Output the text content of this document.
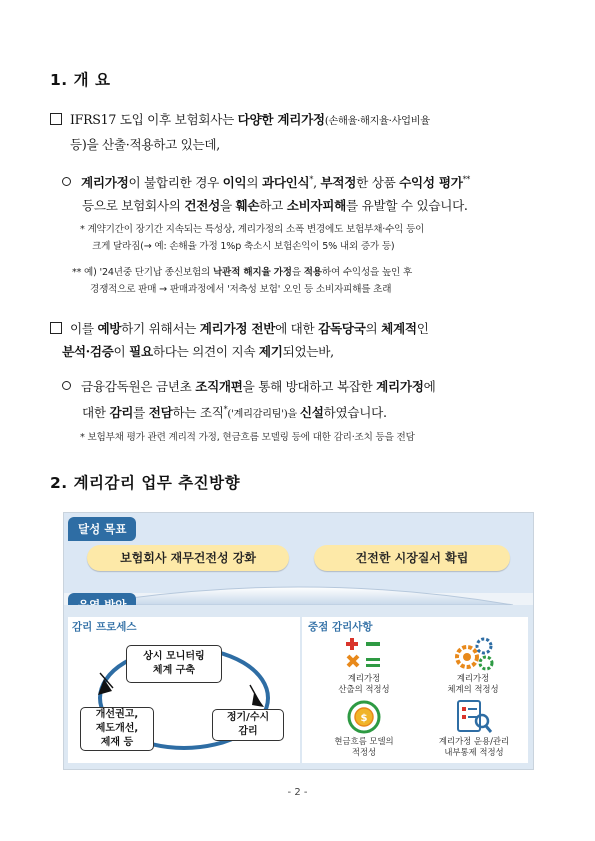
1. 개 요
IFRS17 도입 이후 보험회사는 다양한 계리가정(손해율·해지율·사업비율
등)을 산출·적용하고 있는데,
계리가정이 불합리한 경우 이익의 과다인식*, 부적정한 상품 수익성 평가**
등으로 보험회사의 건전성을 훼손하고 소비자피해를 유발할 수 있습니다.
* 계약기간이 장기간 지속되는 특성상, 계리가정의 소폭 변경에도 보험부채·수익 등이
크게 달라짐(→ 예: 손해율 가정 1%p 축소시 보험손익이 5% 내외 증가 등)
** 예) '24년중 단기납 종신보험의 낙관적 해지율 가정을 적용하여 수익성을 높인 후
경쟁적으로 판매 → 판매과정에서 '저축성 보험' 오인 등 소비자피해를 초래
이를 예방하기 위해서는 계리가정 전반에 대한 감독당국의 체계적인
분석·검증이 필요하다는 의견이 지속 제기되었는바,
금융감독원은 금년초 조직개편을 통해 방대하고 복잡한 계리가정에
대한 감리를 전담하는 조직*('계리감리팀')을 신설하였습니다.
* 보험부채 평가 관련 계리적 가정, 현금흐름 모델링 등에 대한 감리·조치 등을 전담
2. 계리감리 업무 추진방향
달성 목표
보험회사 재무건전성 강화	건전한 시장질서 확립
감리 프로세스	중점 감리사항
상시 모니터링
체계 구축
정기/수시
감리
개선권고,
제도개선,
제재 등
계리가정
산출의 적정성
계리가정
체계의 적정성
$
현금흐름 모델의
적정성
계리가정 운용/관리
내부통제 적정성
- 2 -
